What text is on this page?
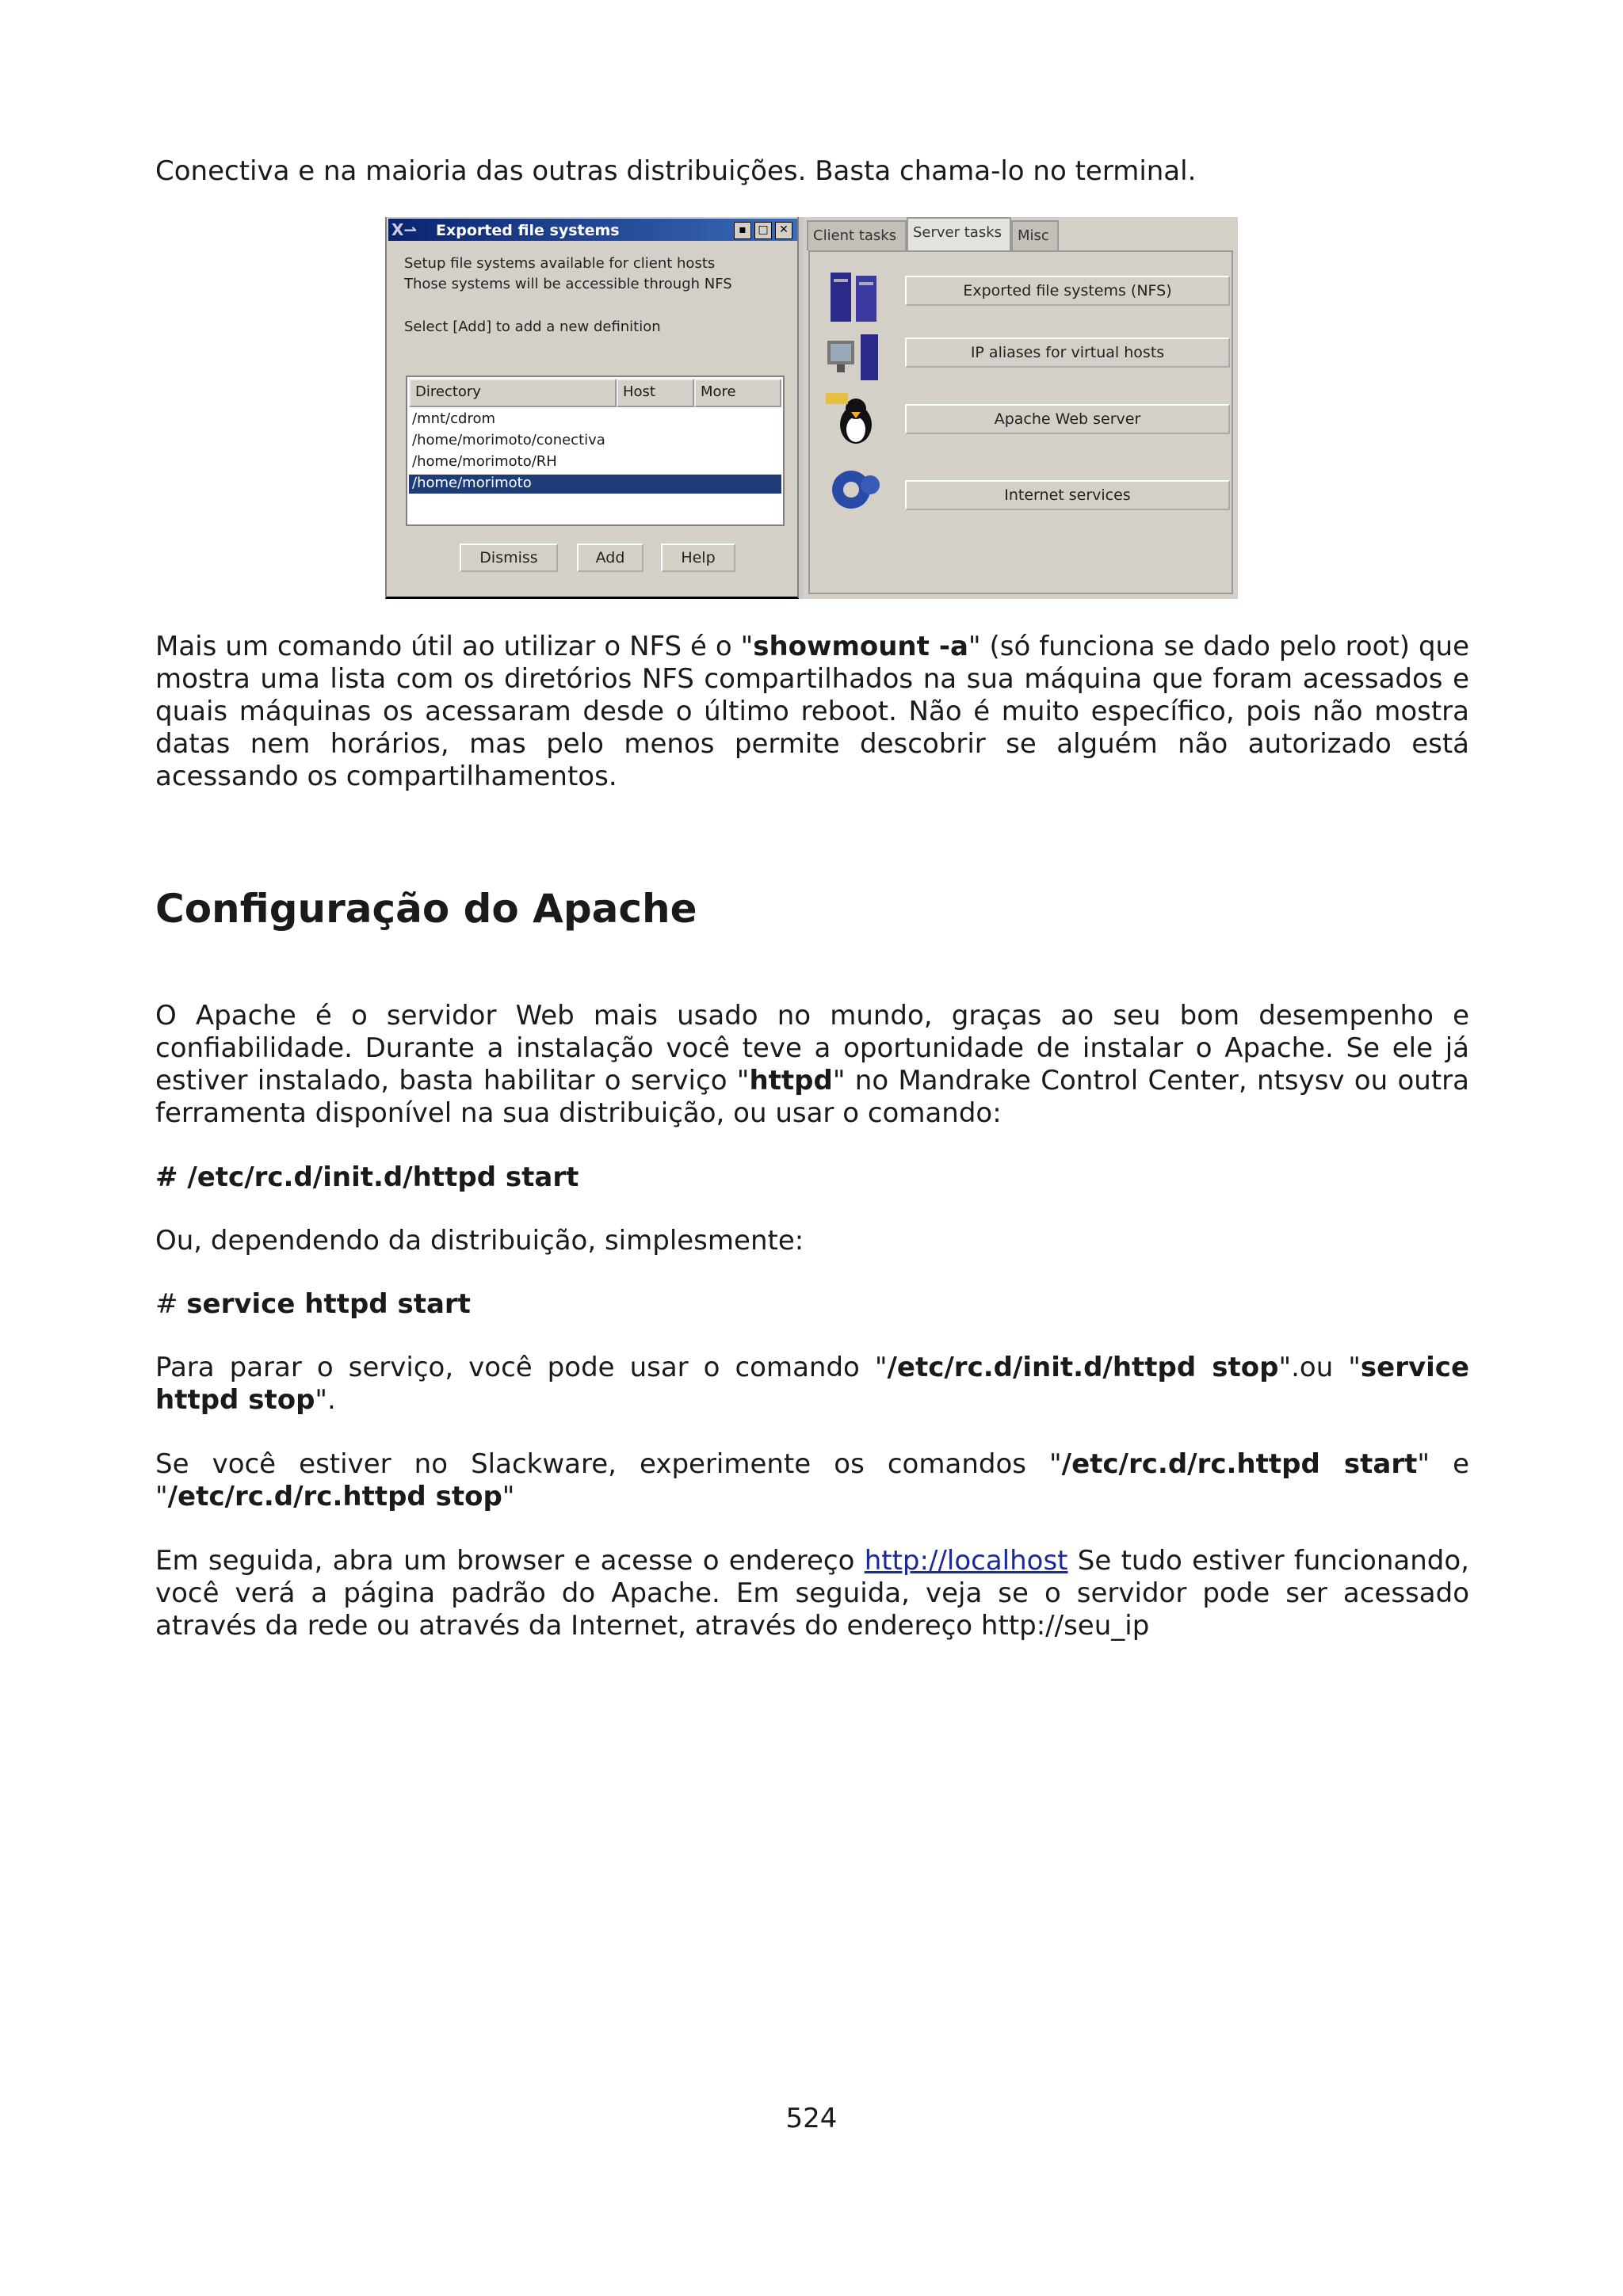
Conectiva e na maioria das outras distribuições. Basta chama-lo no terminal.

X⇀ Exported file systems	▪	□ ✕
Setup file systems available for client hosts
Those systems will be accessible through NFS
Select [Add] to add a new definition
Directory	Host	More
/mnt/cdrom
/home/morimoto/conectiva
/home/morimoto/RH
/home/morimoto
Dismiss	Add	Help
Client tasks	Server tasks	Misc
Exported file systems (NFS)
IP aliases for virtual hosts
Apache Web server
Internet services

Mais um comando útil ao utilizar o NFS é o "showmount -a" (só funciona se dado pelo root) que mostra uma lista com os diretórios NFS compartilhados na sua máquina que foram acessados e quais máquinas os acessaram desde o último reboot. Não é muito específico, pois não mostra datas nem horários, mas pelo menos permite descobrir se alguém não autorizado está acessando os compartilhamentos.

Configuração do Apache

O Apache é o servidor Web mais usado no mundo, graças ao seu bom desempenho e confiabilidade. Durante a instalação você teve a oportunidade de instalar o Apache. Se ele já estiver instalado, basta habilitar o serviço "httpd" no Mandrake Control Center, ntsysv ou outra ferramenta disponível na sua distribuição, ou usar o comando:

# /etc/rc.d/init.d/httpd start

Ou, dependendo da distribuição, simplesmente:

# service httpd start

Para parar o serviço, você pode usar o comando "/etc/rc.d/init.d/httpd stop".ou "service httpd stop".

Se você estiver no Slackware, experimente os comandos "/etc/rc.d/rc.httpd start" e "/etc/rc.d/rc.httpd stop"

Em seguida, abra um browser e acesse o endereço http://localhost Se tudo estiver funcionando, você verá a página padrão do Apache. Em seguida, veja se o servidor pode ser acessado através da rede ou através da Internet, através do endereço http://seu_ip

524
